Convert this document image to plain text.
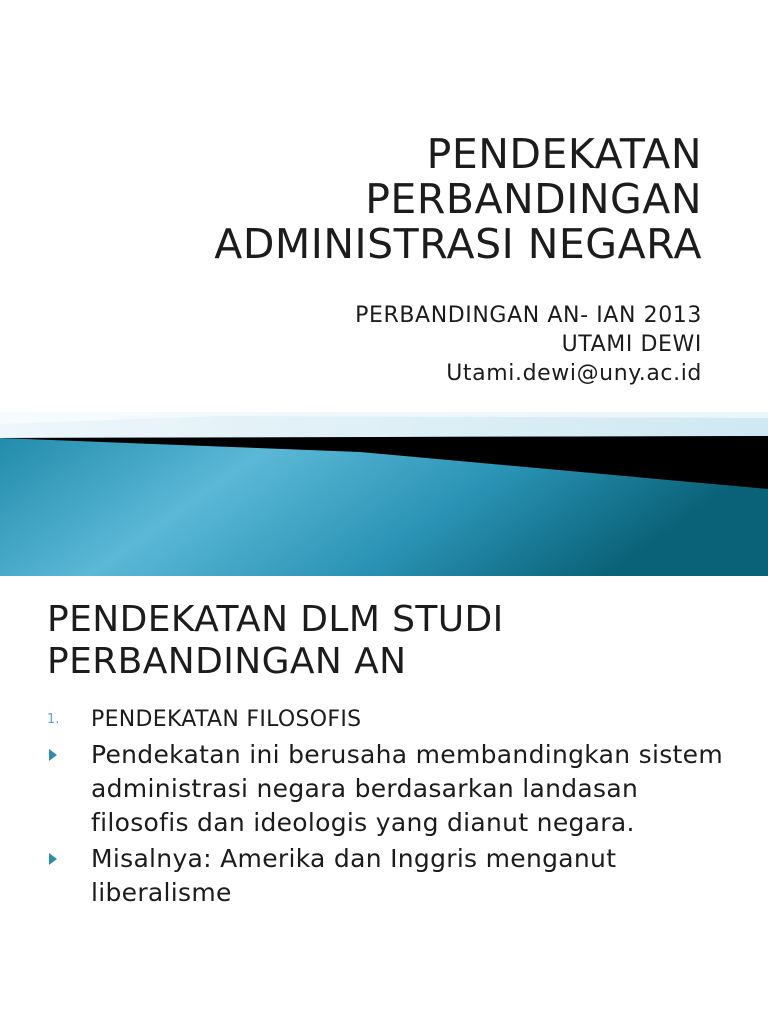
PENDEKATAN
PERBANDINGAN
ADMINISTRASI NEGARA
PERBANDINGAN AN- IAN 2013
UTAMI DEWI
Utami.dewi@uny.ac.id
PENDEKATAN DLM STUDI
PERBANDINGAN AN
1. PENDEKATAN FILOSOFIS
Pendekatan ini berusaha membandingkan sistem administrasi negara berdasarkan landasan filosofis dan ideologis yang dianut negara.
Misalnya: Amerika dan Inggris menganut liberalisme
